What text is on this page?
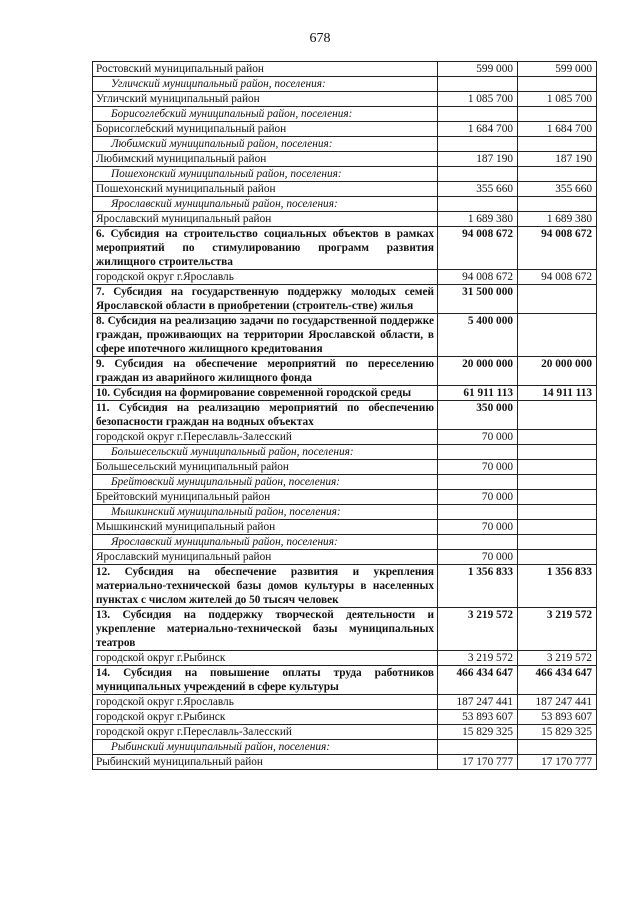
678
Ростовский муниципальный район	599 000	599 000
Угличский муниципальный район, поселения:		
Угличский муниципальный район	1 085 700	1 085 700
Борисоглебский муниципальный район, поселения:		
Борисоглебский муниципальный район	1 684 700	1 684 700
Любимский муниципальный район, поселения:		
Любимский муниципальный район	187 190	187 190
Пошехонский муниципальный район, поселения:		
Пошехонский муниципальный район	355 660	355 660
Ярославский муниципальный район, поселения:		
Ярославский муниципальный район	1 689 380	1 689 380
6. Субсидия на строительство социальных объектов в рамках мероприятий по стимулированию программ развития жилищного строительства	94 008 672	94 008 672
городской округ г.Ярославль	94 008 672	94 008 672
7. Субсидия на государственную поддержку молодых семей Ярославской области в приобретении (строитель-стве) жилья	31 500 000	
8. Субсидия на реализацию задачи по государственной поддержке граждан, проживающих на территории Ярославской области, в сфере ипотечного жилищного кредитования	5 400 000	
9. Субсидия на обеспечение мероприятий по переселению граждан из аварийного жилищного фонда	20 000 000	20 000 000
10. Субсидия на формирование современной городской среды	61 911 113	14 911 113
11. Субсидия на реализацию мероприятий по обеспечению безопасности граждан на водных объектах	350 000	
городской округ г.Переславль-Залесский	70 000	
Большесельский муниципальный район, поселения:		
Большесельский муниципальный район	70 000	
Брейтовский муниципальный район, поселения:		
Брейтовский муниципальный район	70 000	
Мышкинский муниципальный район, поселения:		
Мышкинский муниципальный район	70 000	
Ярославский муниципальный район, поселения:		
Ярославский муниципальный район	70 000	
12. Субсидия на обеспечение развития и укрепления материально-технической базы домов культуры в населенных пунктах с числом жителей до 50 тысяч человек	1 356 833	1 356 833
13. Субсидия на поддержку творческой деятельности и укрепление материально-технической базы муниципальных театров	3 219 572	3 219 572
городской округ г.Рыбинск	3 219 572	3 219 572
14. Субсидия на повышение оплаты труда работников муниципальных учреждений в сфере культуры	466 434 647	466 434 647
городской округ г.Ярославль	187 247 441	187 247 441
городской округ г.Рыбинск	53 893 607	53 893 607
городской округ г.Переславль-Залесский	15 829 325	15 829 325
Рыбинский муниципальный район, поселения:		
Рыбинский муниципальный район	17 170 777	17 170 777
